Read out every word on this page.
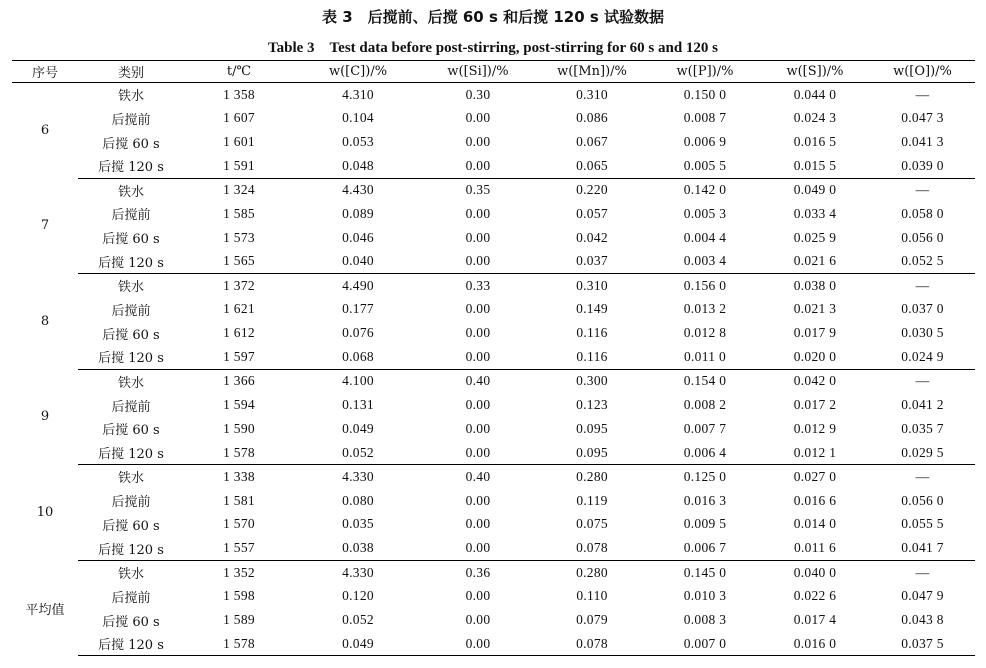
表 3　后搅前、后搅 60 s 和后搅 120 s 试验数据
Table 3　Test data before post-stirring, post-stirring for 60 s and 120 s
序号	类别	t/℃	w([C])/%	w([Si])/%	w([Mn])/%	w([P])/%	w([S])/%	w([O])/%
6	铁水	1 358	4.310	0.30	0.310	0.150 0	0.044 0	—
	后搅前	1 607	0.104	0.00	0.086	0.008 7	0.024 3	0.047 3
	后搅 60 s	1 601	0.053	0.00	0.067	0.006 9	0.016 5	0.041 3
	后搅 120 s	1 591	0.048	0.00	0.065	0.005 5	0.015 5	0.039 0
7	铁水	1 324	4.430	0.35	0.220	0.142 0	0.049 0	—
	后搅前	1 585	0.089	0.00	0.057	0.005 3	0.033 4	0.058 0
	后搅 60 s	1 573	0.046	0.00	0.042	0.004 4	0.025 9	0.056 0
	后搅 120 s	1 565	0.040	0.00	0.037	0.003 4	0.021 6	0.052 5
8	铁水	1 372	4.490	0.33	0.310	0.156 0	0.038 0	—
	后搅前	1 621	0.177	0.00	0.149	0.013 2	0.021 3	0.037 0
	后搅 60 s	1 612	0.076	0.00	0.116	0.012 8	0.017 9	0.030 5
	后搅 120 s	1 597	0.068	0.00	0.116	0.011 0	0.020 0	0.024 9
9	铁水	1 366	4.100	0.40	0.300	0.154 0	0.042 0	—
	后搅前	1 594	0.131	0.00	0.123	0.008 2	0.017 2	0.041 2
	后搅 60 s	1 590	0.049	0.00	0.095	0.007 7	0.012 9	0.035 7
	后搅 120 s	1 578	0.052	0.00	0.095	0.006 4	0.012 1	0.029 5
10	铁水	1 338	4.330	0.40	0.280	0.125 0	0.027 0	—
	后搅前	1 581	0.080	0.00	0.119	0.016 3	0.016 6	0.056 0
	后搅 60 s	1 570	0.035	0.00	0.075	0.009 5	0.014 0	0.055 5
	后搅 120 s	1 557	0.038	0.00	0.078	0.006 7	0.011 6	0.041 7
平均值	铁水	1 352	4.330	0.36	0.280	0.145 0	0.040 0	—
	后搅前	1 598	0.120	0.00	0.110	0.010 3	0.022 6	0.047 9
	后搅 60 s	1 589	0.052	0.00	0.079	0.008 3	0.017 4	0.043 8
	后搅 120 s	1 578	0.049	0.00	0.078	0.007 0	0.016 0	0.037 5
